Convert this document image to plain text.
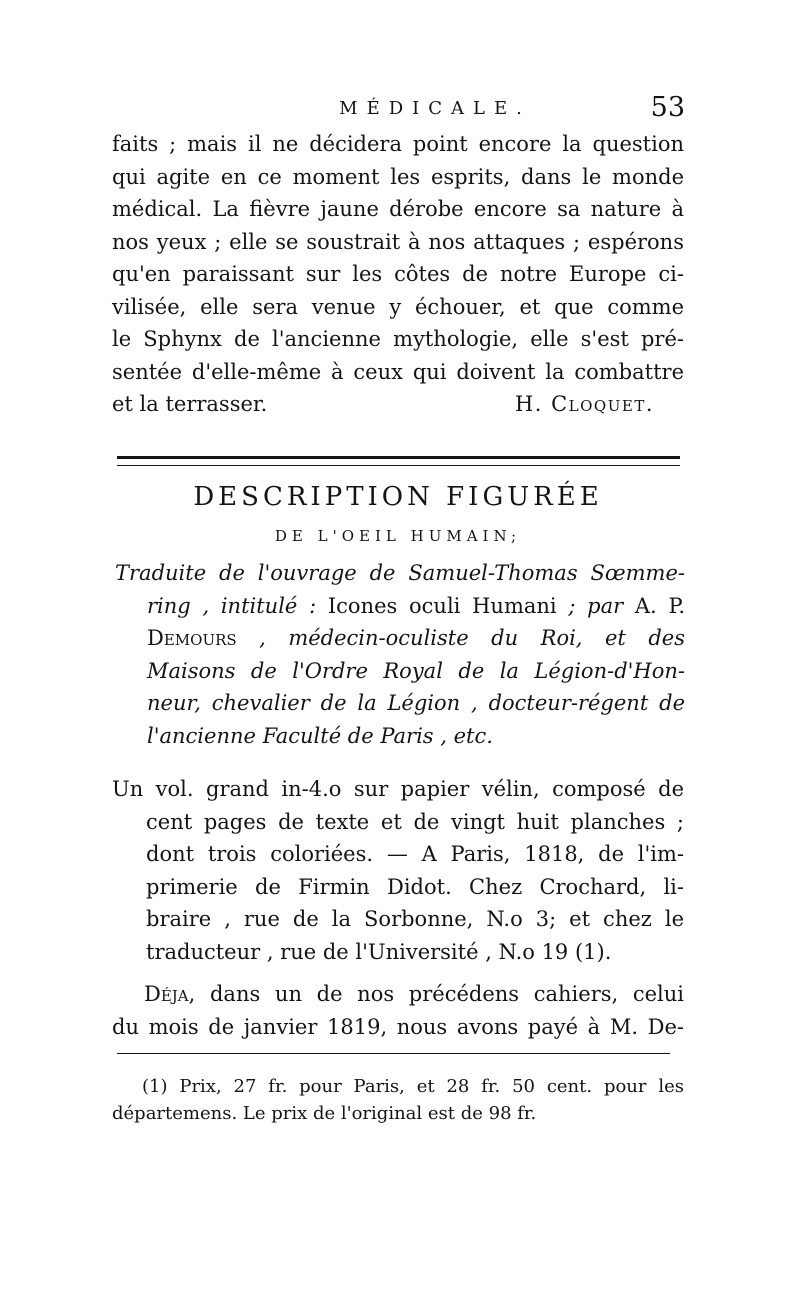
MÉDICALE.	53
faits ; mais il ne décidera point encore la question
qui agite en ce moment les esprits, dans le monde
médical. La fièvre jaune dérobe encore sa nature à
nos yeux ; elle se soustrait à nos attaques ; espérons
qu'en paraissant sur les côtes de notre Europe ci-
vilisée, elle sera venue y échouer, et que comme
le Sphynx de l'ancienne mythologie, elle s'est pré-
sentée d'elle-même à ceux qui doivent la combattre
et la terrasser.	H. Cloquet.
DESCRIPTION FIGURÉE
DE L'OEIL HUMAIN;
Traduite de l'ouvrage de Samuel-Thomas Sœmme-
ring , intitulé : Icones oculi Humani ; par A. P.
Demours , médecin-oculiste du Roi, et des
Maisons de l'Ordre Royal de la Légion-d'Hon-
neur, chevalier de la Légion , docteur-régent de
l'ancienne Faculté de Paris , etc.
Un vol. grand in-4.o sur papier vélin, composé de
cent pages de texte et de vingt huit planches ;
dont trois coloriées. — A Paris, 1818, de l'im-
primerie de Firmin Didot. Chez Crochard, li-
braire , rue de la Sorbonne, N.o 3; et chez le
traducteur , rue de l'Université , N.o 19 (1).
Déja, dans un de nos précédens cahiers, celui
du mois de janvier 1819, nous avons payé à M. De-
(1) Prix, 27 fr. pour Paris, et 28 fr. 50 cent. pour les
départemens. Le prix de l'original est de 98 fr.
